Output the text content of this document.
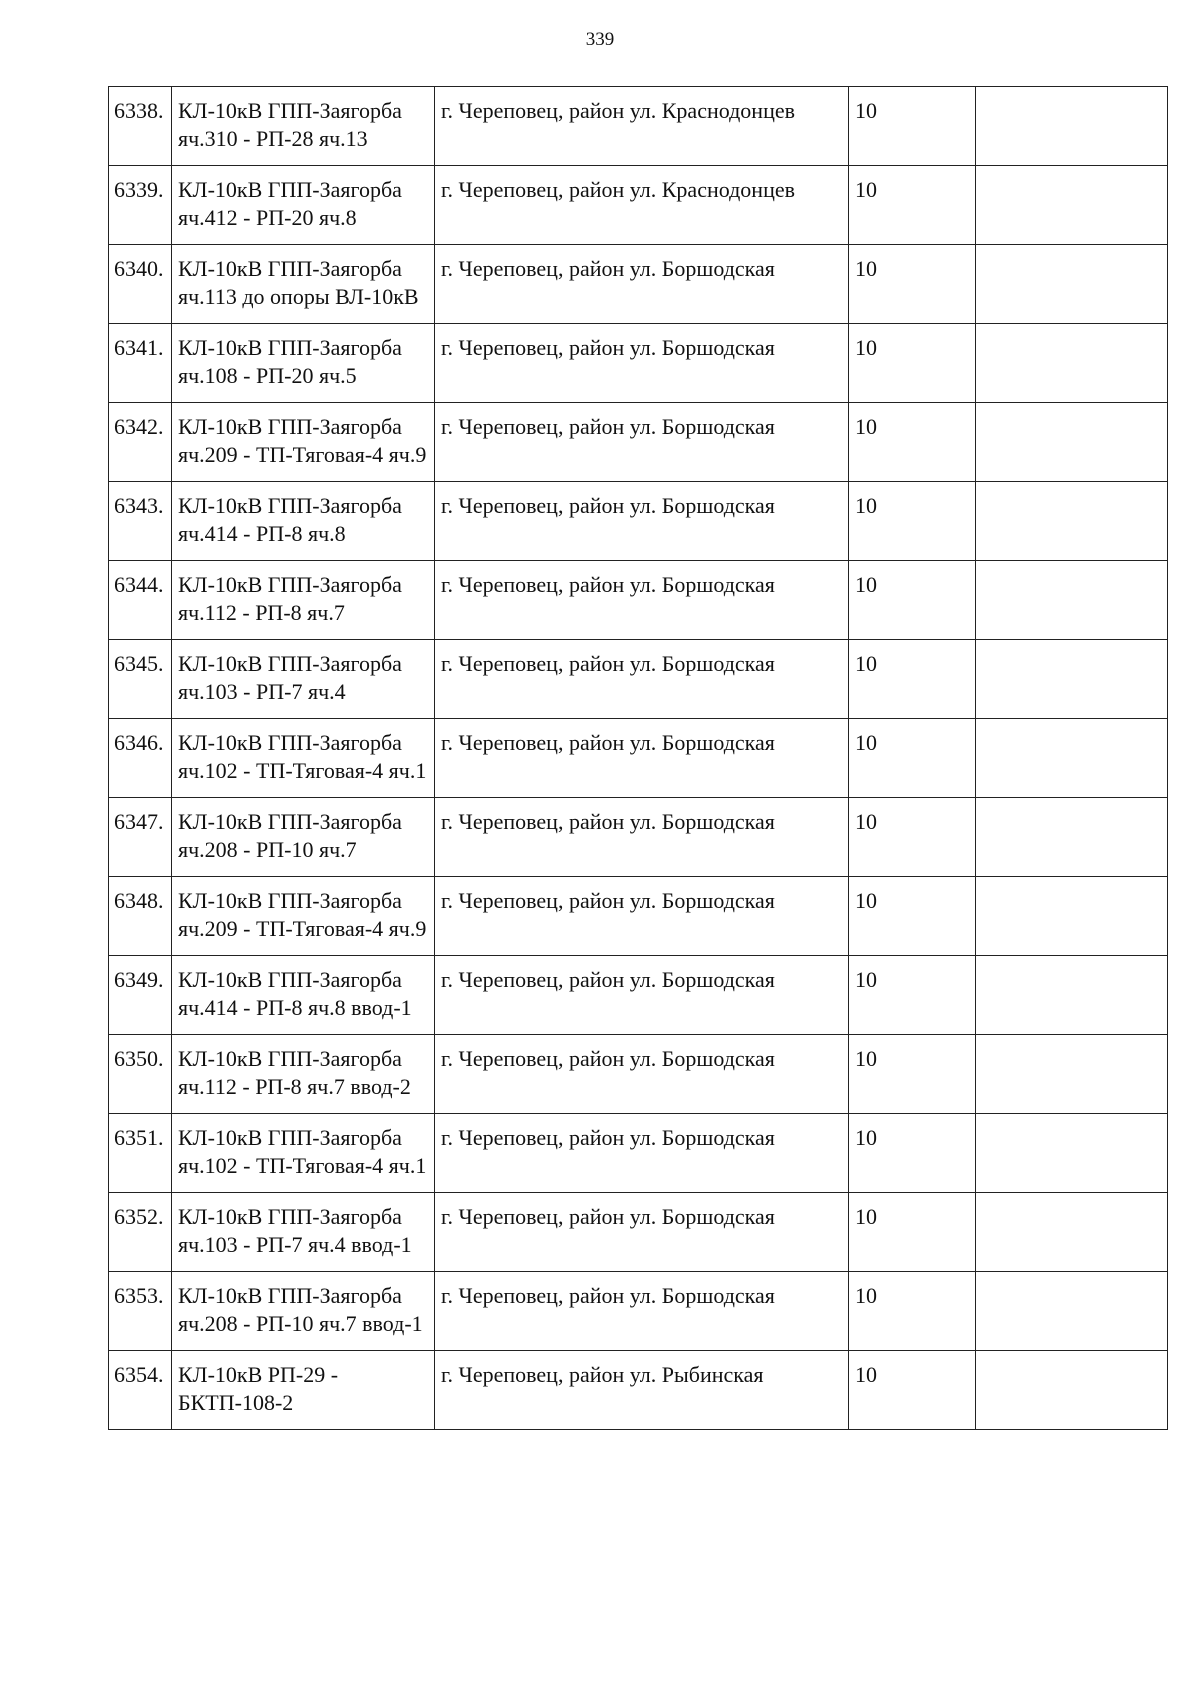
339
6338.	КЛ-10кВ ГПП-Заягорба яч.310 - РП-28 яч.13	г. Череповец, район ул. Краснодонцев	10	
6339.	КЛ-10кВ ГПП-Заягорба яч.412 - РП-20 яч.8	г. Череповец, район ул. Краснодонцев	10	
6340.	КЛ-10кВ ГПП-Заягорба яч.113 до опоры ВЛ-10кВ	г. Череповец, район ул. Боршодская	10	
6341.	КЛ-10кВ ГПП-Заягорба яч.108 - РП-20 яч.5	г. Череповец, район ул. Боршодская	10	
6342.	КЛ-10кВ ГПП-Заягорба яч.209 - ТП-Тяговая-4 яч.9	г. Череповец, район ул. Боршодская	10	
6343.	КЛ-10кВ ГПП-Заягорба яч.414 - РП-8 яч.8	г. Череповец, район ул. Боршодская	10	
6344.	КЛ-10кВ ГПП-Заягорба яч.112 - РП-8 яч.7	г. Череповец, район ул. Боршодская	10	
6345.	КЛ-10кВ ГПП-Заягорба яч.103 - РП-7 яч.4	г. Череповец, район ул. Боршодская	10	
6346.	КЛ-10кВ ГПП-Заягорба яч.102 - ТП-Тяговая-4 яч.1	г. Череповец, район ул. Боршодская	10	
6347.	КЛ-10кВ ГПП-Заягорба яч.208 - РП-10 яч.7	г. Череповец, район ул. Боршодская	10	
6348.	КЛ-10кВ ГПП-Заягорба яч.209 - ТП-Тяговая-4 яч.9	г. Череповец, район ул. Боршодская	10	
6349.	КЛ-10кВ ГПП-Заягорба яч.414 - РП-8 яч.8 ввод-1	г. Череповец, район ул. Боршодская	10	
6350.	КЛ-10кВ ГПП-Заягорба яч.112 - РП-8 яч.7 ввод-2	г. Череповец, район ул. Боршодская	10	
6351.	КЛ-10кВ ГПП-Заягорба яч.102 - ТП-Тяговая-4 яч.1	г. Череповец, район ул. Боршодская	10	
6352.	КЛ-10кВ ГПП-Заягорба яч.103 - РП-7 яч.4 ввод-1	г. Череповец, район ул. Боршодская	10	
6353.	КЛ-10кВ ГПП-Заягорба яч.208 - РП-10 яч.7 ввод-1	г. Череповец, район ул. Боршодская	10	
6354.	КЛ-10кВ РП-29 - БКТП-108-2	г. Череповец, район ул. Рыбинская	10	
